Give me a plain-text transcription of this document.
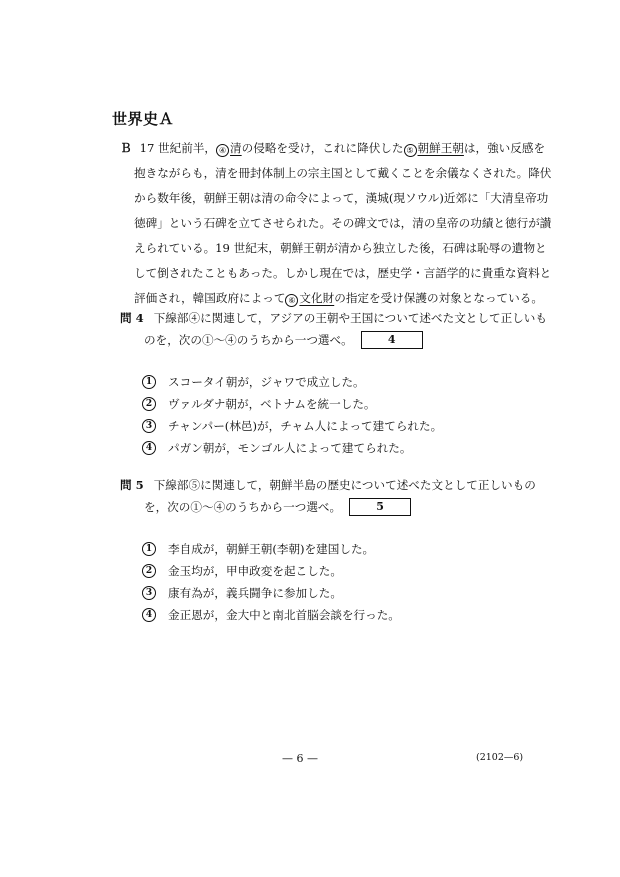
世界史Ａ
Ｂ 17 世紀前半， ④ 清の侵略を受け，これに降伏した ⑤ 朝鮮王朝は，強い反感を
抱きながらも，清を冊封体制上の宗主国として戴くことを余儀なくされた。降伏
から数年後，朝鮮王朝は清の命令によって，漢城(現ソウル)近郊に「大清皇帝功
徳碑」という石碑を立てさせられた。その碑文では，清の皇帝の功績と徳行が讃
えられている。19 世紀末，朝鮮王朝が清から独立した後，石碑は恥辱の遺物と
して倒されたこともあった。しかし現在では，歴史学・言語学的に貴重な資料と
評価され，韓国政府によって ⑥ 文化財の指定を受け保護の対象となっている。
問 4 下線部④に関連して，アジアの王朝や王国について述べた文として正しいも
のを，次の①～④のうちから一つ選べ。	4
1	スコータイ朝が，ジャワで成立した。
2	ヴァルダナ朝が，ベトナムを統一した。
3	チャンパー(林邑)が，チャム人によって建てられた。
4	パガン朝が，モンゴル人によって建てられた。
問 5 下線部⑤に関連して，朝鮮半島の歴史について述べた文として正しいもの
を，次の①～④のうちから一つ選べ。	5
1	李自成が，朝鮮王朝(李朝)を建国した。
2	金玉均が，甲申政変を起こした。
3	康有為が，義兵闘争に参加した。
4	金正恩が，金大中と南北首脳会談を行った。
— 6 —	(2102—6)
